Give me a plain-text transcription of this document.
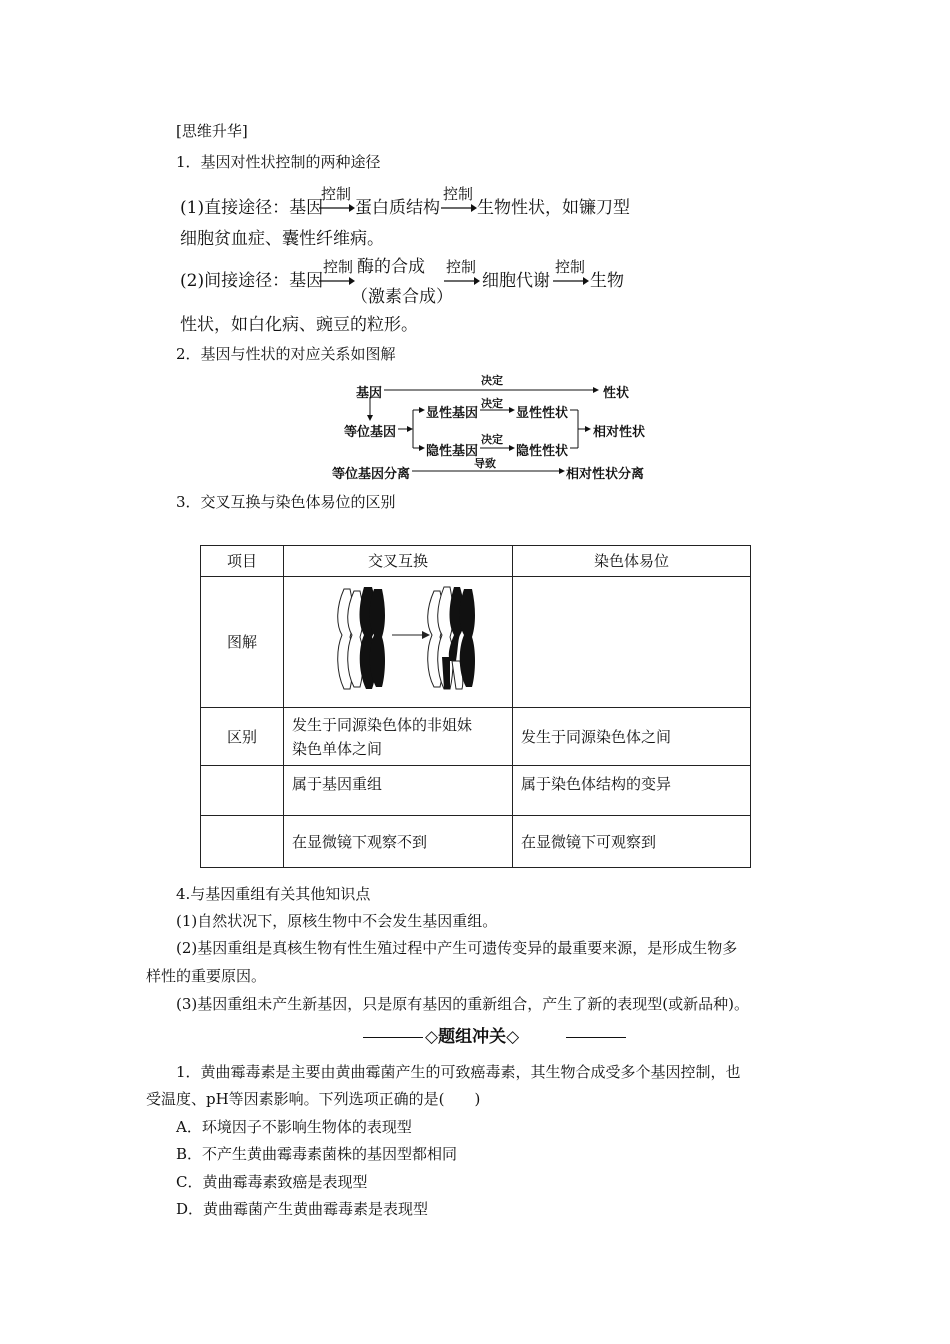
[思维升华]
1．基因对性状控制的两种途径
(1)直接途径：基因
控制
蛋白质结构
控制
生物性状，如镰刀型
细胞贫血症、囊性纤维病。
(2)间接途径：基因
控制 酶的合成
（激素合成）
控制
细胞代谢
控制
生物
性状，如白化病、豌豆的粒形。
2．基因与性状的对应关系如图解
基因
决定
性状
等位基因
显性基因
决定
显性性状
隐性基因
决定
隐性性状
相对性状
等位基因分离
导致
相对性状分离
3．交叉互换与染色体易位的区别
项目	交叉互换	染色体易位
图解		
区别	发生于同源染色体的非姐妹
染色单体之间	发生于同源染色体之间
	属于基因重组	属于染色体结构的变异
	在显微镜下观察不到	在显微镜下可观察到
4.与基因重组有关其他知识点
(1)自然状况下，原核生物中不会发生基因重组。
(2)基因重组是真核生物有性生殖过程中产生可遗传变异的最重要来源，是形成生物多
样性的重要原因。
(3)基因重组未产生新基因，只是原有基因的重新组合，产生了新的表现型(或新品种)。
◇题组冲关◇
1．黄曲霉毒素是主要由黄曲霉菌产生的可致癌毒素，其生物合成受多个基因控制，也
受温度、pH等因素影响。下列选项正确的是(　　)
A．环境因子不影响生物体的表现型
B．不产生黄曲霉毒素菌株的基因型都相同
C．黄曲霉毒素致癌是表现型
D．黄曲霉菌产生黄曲霉毒素是表现型
